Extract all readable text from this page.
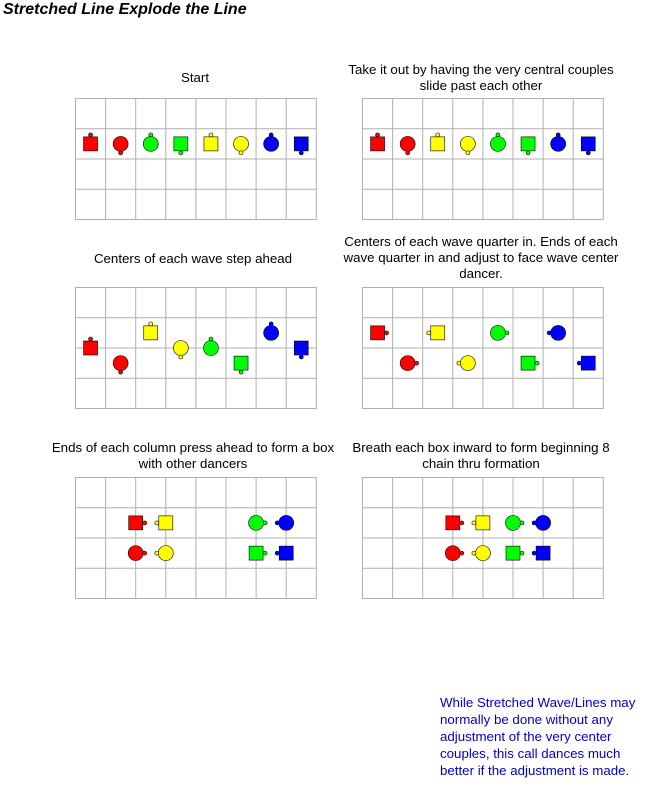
Stretched Line Explode the Line
Start
Take it out by having the very central couples slide past each other
Centers of each wave step ahead
Centers of each wave quarter in. Ends of each wave quarter in and adjust to face wave center dancer.
Ends of each column press ahead to form a box with other dancers
Breath each box inward to form beginning 8 chain thru formation
While Stretched Wave/Lines may normally be done without any adjustment of the very center couples, this call dances much better if the adjustment is made.
